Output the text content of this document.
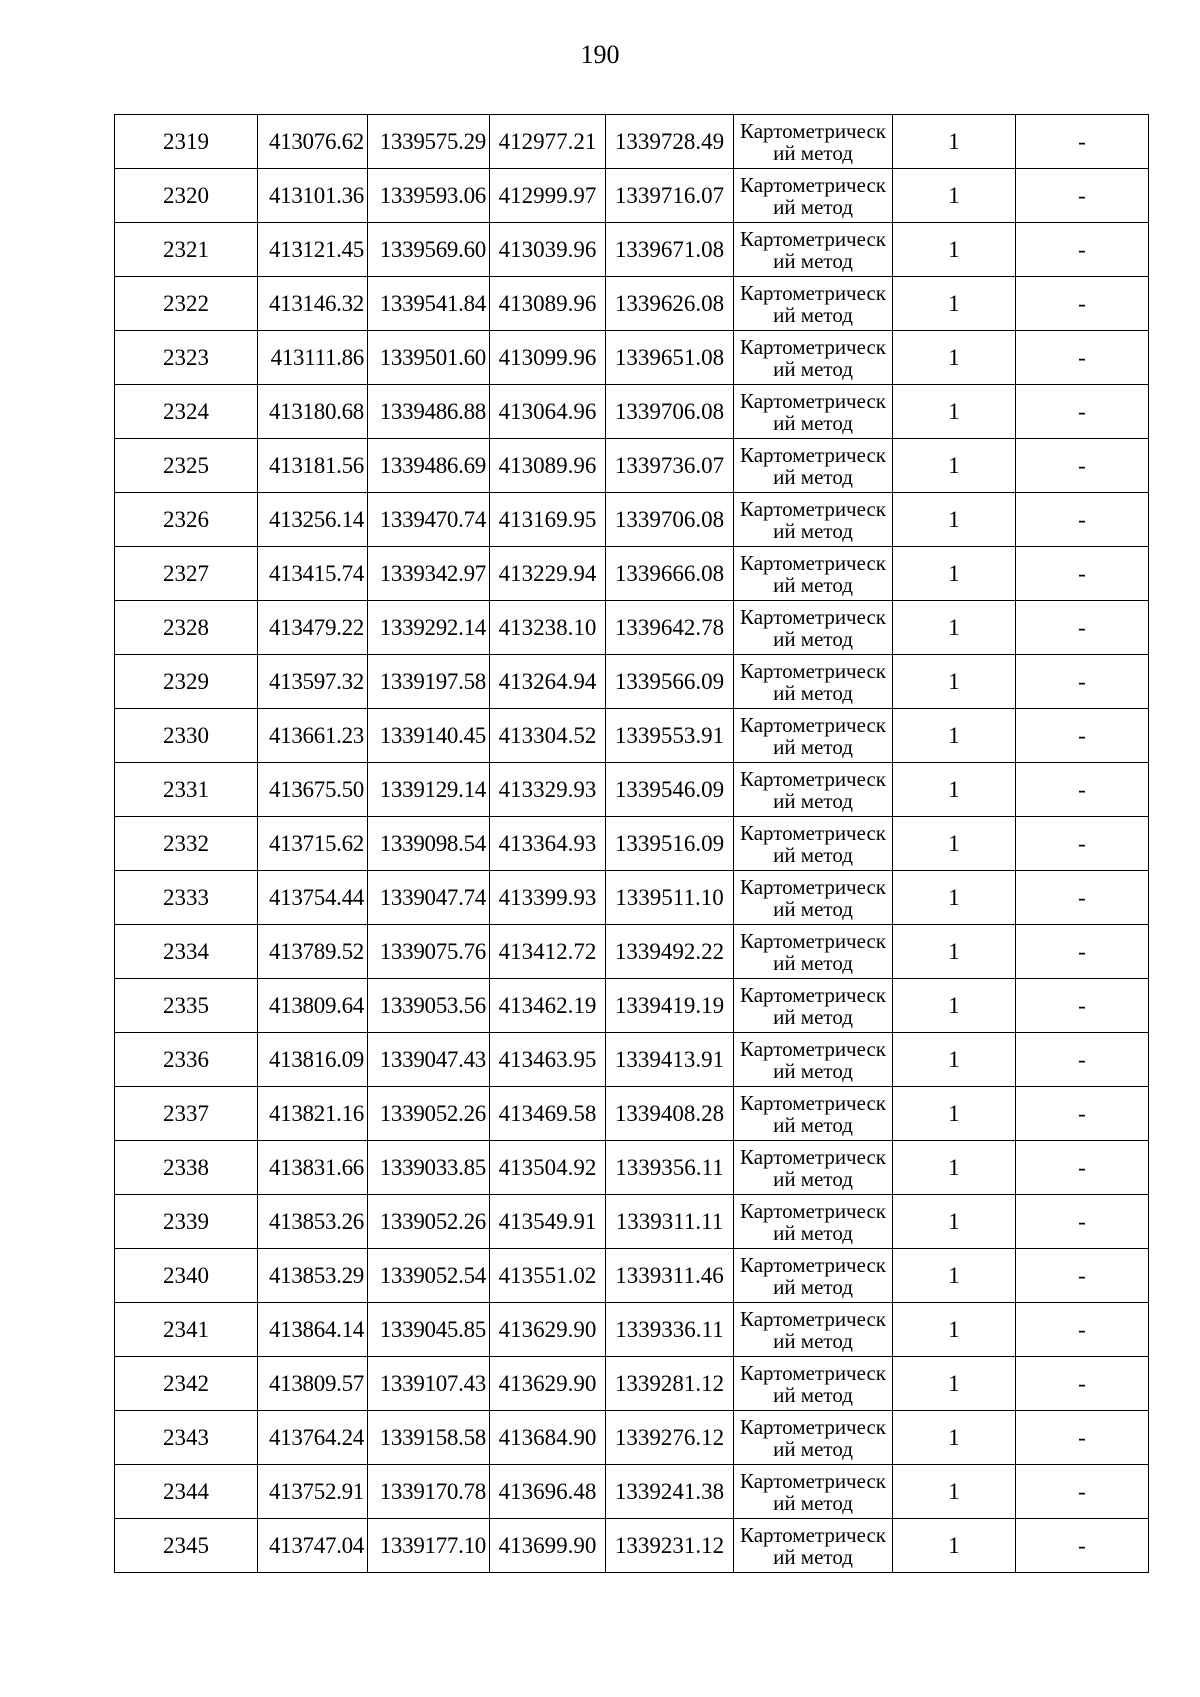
190
2319	413076.62	1339575.29	412977.21	1339728.49	Картометрический метод	1	-
2320	413101.36	1339593.06	412999.97	1339716.07	Картометрический метод	1	-
2321	413121.45	1339569.60	413039.96	1339671.08	Картометрический метод	1	-
2322	413146.32	1339541.84	413089.96	1339626.08	Картометрический метод	1	-
2323	413111.86	1339501.60	413099.96	1339651.08	Картометрический метод	1	-
2324	413180.68	1339486.88	413064.96	1339706.08	Картометрический метод	1	-
2325	413181.56	1339486.69	413089.96	1339736.07	Картометрический метод	1	-
2326	413256.14	1339470.74	413169.95	1339706.08	Картометрический метод	1	-
2327	413415.74	1339342.97	413229.94	1339666.08	Картометрический метод	1	-
2328	413479.22	1339292.14	413238.10	1339642.78	Картометрический метод	1	-
2329	413597.32	1339197.58	413264.94	1339566.09	Картометрический метод	1	-
2330	413661.23	1339140.45	413304.52	1339553.91	Картометрический метод	1	-
2331	413675.50	1339129.14	413329.93	1339546.09	Картометрический метод	1	-
2332	413715.62	1339098.54	413364.93	1339516.09	Картометрический метод	1	-
2333	413754.44	1339047.74	413399.93	1339511.10	Картометрический метод	1	-
2334	413789.52	1339075.76	413412.72	1339492.22	Картометрический метод	1	-
2335	413809.64	1339053.56	413462.19	1339419.19	Картометрический метод	1	-
2336	413816.09	1339047.43	413463.95	1339413.91	Картометрический метод	1	-
2337	413821.16	1339052.26	413469.58	1339408.28	Картометрический метод	1	-
2338	413831.66	1339033.85	413504.92	1339356.11	Картометрический метод	1	-
2339	413853.26	1339052.26	413549.91	1339311.11	Картометрический метод	1	-
2340	413853.29	1339052.54	413551.02	1339311.46	Картометрический метод	1	-
2341	413864.14	1339045.85	413629.90	1339336.11	Картометрический метод	1	-
2342	413809.57	1339107.43	413629.90	1339281.12	Картометрический метод	1	-
2343	413764.24	1339158.58	413684.90	1339276.12	Картометрический метод	1	-
2344	413752.91	1339170.78	413696.48	1339241.38	Картометрический метод	1	-
2345	413747.04	1339177.10	413699.90	1339231.12	Картометрический метод	1	-
